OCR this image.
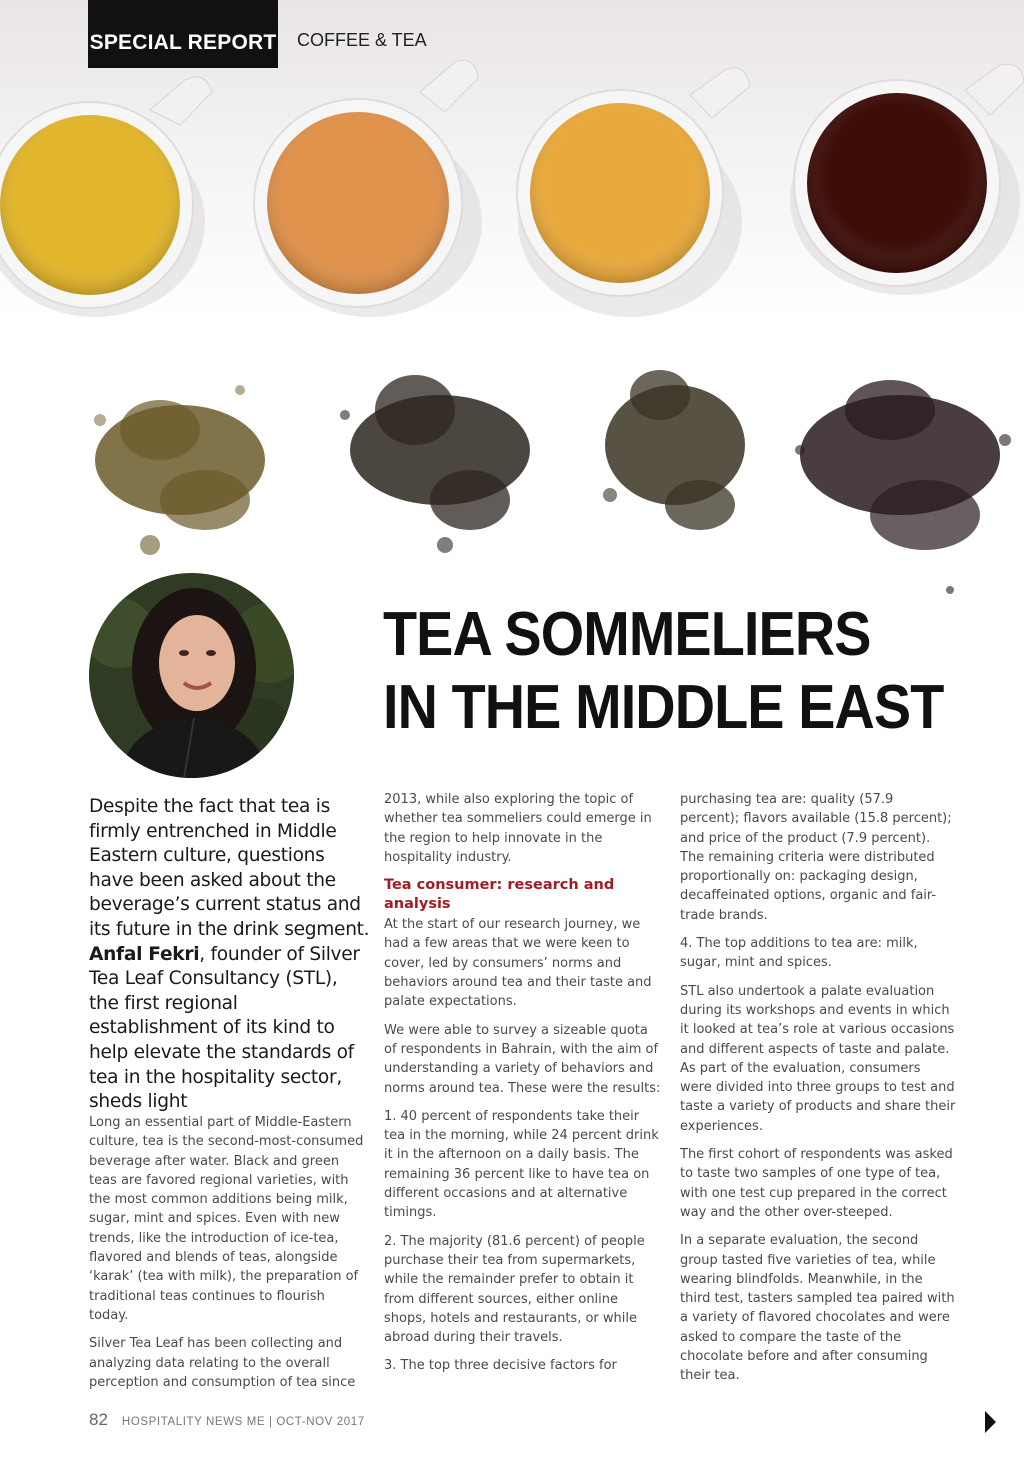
SPECIAL REPORT COFFEE & TEA
TEA SOMMELIERS
IN THE MIDDLE EAST
Despite the fact that tea is firmly entrenched in Middle Eastern culture, questions have been asked about the beverage’s current status and its future in the drink segment. Anfal Fekri, founder of Silver Tea Leaf Consultancy (STL), the first regional establishment of its kind to help elevate the standards of tea in the hospitality sector, sheds light

Long an essential part of Middle-Eastern culture, tea is the second-most-consumed beverage after water. Black and green teas are favored regional varieties, with the most common additions being milk, sugar, mint and spices. Even with new trends, like the introduction of ice-tea, flavored and blends of teas, alongside ‘karak’ (tea with milk), the preparation of traditional teas continues to flourish today.

Silver Tea Leaf has been collecting and analyzing data relating to the overall perception and consumption of tea since

2013, while also exploring the topic of whether tea sommeliers could emerge in the region to help innovate in the hospitality industry.

Tea consumer: research and analysis

At the start of our research journey, we had a few areas that we were keen to cover, led by consumers’ norms and behaviors around tea and their taste and palate expectations.

We were able to survey a sizeable quota of respondents in Bahrain, with the aim of understanding a variety of behaviors and norms around tea. These were the results:

1. 40 percent of respondents take their tea in the morning, while 24 percent drink it in the afternoon on a daily basis. The remaining 36 percent like to have tea on different occasions and at alternative timings.

2. The majority (81.6 percent) of people purchase their tea from supermarkets, while the remainder prefer to obtain it from different sources, either online shops, hotels and restaurants, or while abroad during their travels.

3. The top three decisive factors for

purchasing tea are: quality (57.9 percent); flavors available (15.8 percent); and price of the product (7.9 percent). The remaining criteria were distributed proportionally on: packaging design, decaffeinated options, organic and fair-trade brands.

4. The top additions to tea are: milk, sugar, mint and spices.

STL also undertook a palate evaluation during its workshops and events in which it looked at tea’s role at various occasions and different aspects of taste and palate. As part of the evaluation, consumers were divided into three groups to test and taste a variety of products and share their experiences.

The first cohort of respondents was asked to taste two samples of one type of tea, with one test cup prepared in the correct way and the other over-steeped.

In a separate evaluation, the second group tasted five varieties of tea, while wearing blindfolds. Meanwhile, in the third test, tasters sampled tea paired with a variety of flavored chocolates and were asked to compare the taste of the chocolate before and after consuming their tea.

82 HOSPITALITY NEWS ME | OCT-NOV 2017
